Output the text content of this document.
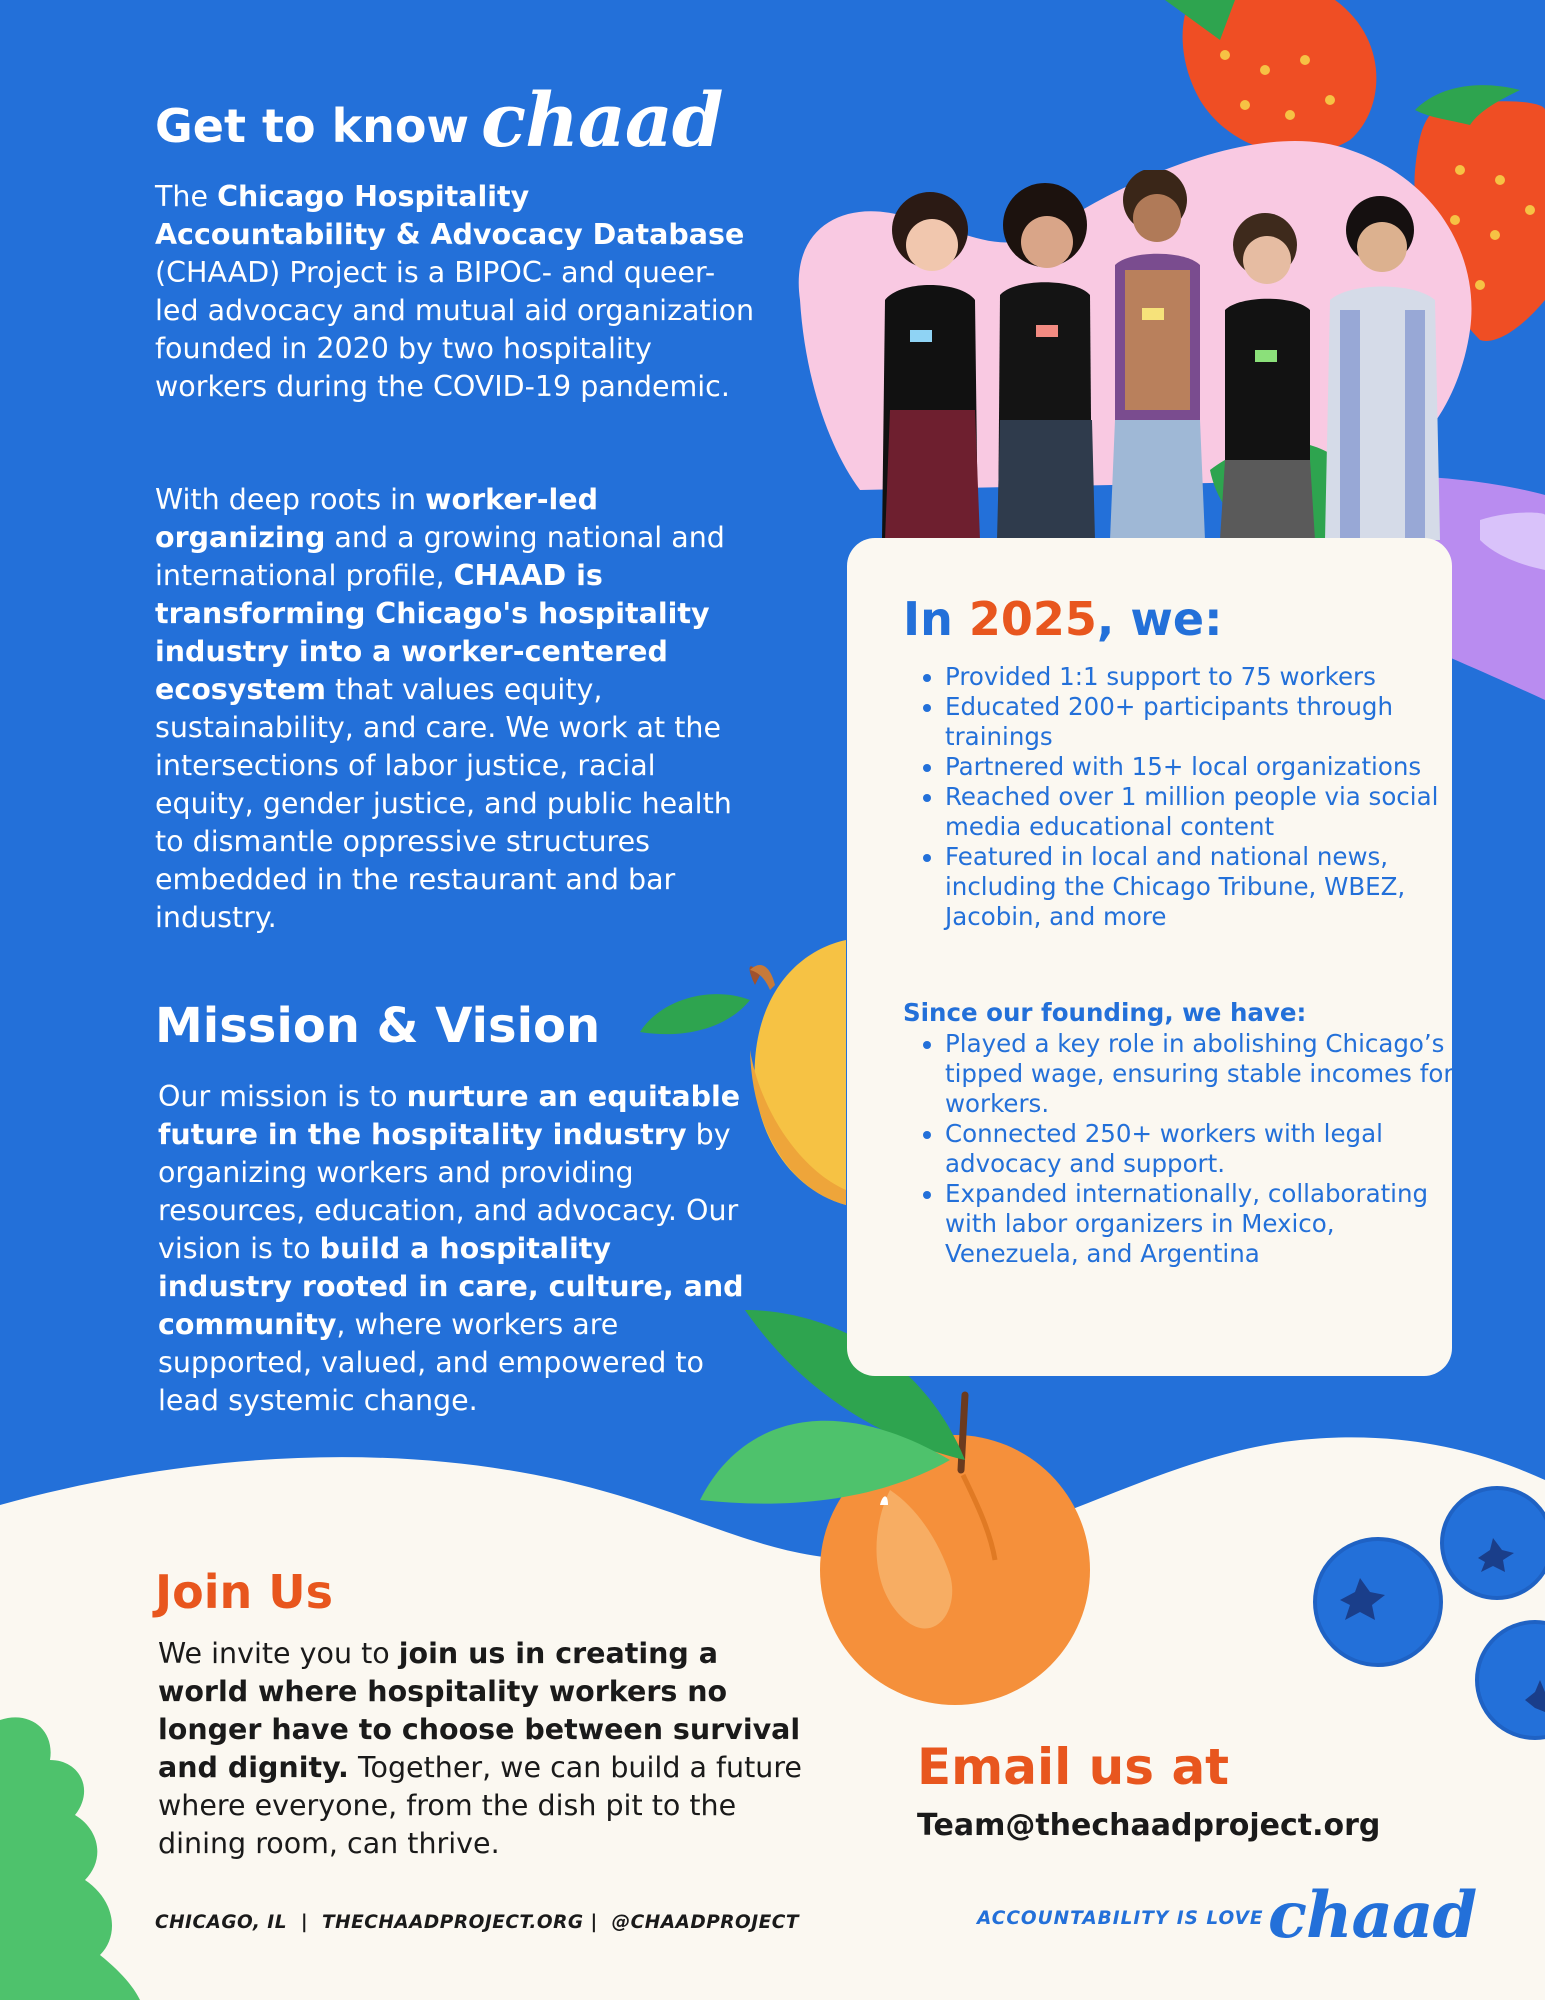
Get to know chaad
The Chicago Hospitality Accountability & Advocacy Database (CHAAD) Project is a BIPOC- and queer-led advocacy and mutual aid organization founded in 2020 by two hospitality workers during the COVID-19 pandemic.
With deep roots in worker-led organizing and a growing national and international profile, CHAAD is transforming Chicago's hospitality industry into a worker-centered ecosystem that values equity, sustainability, and care. We work at the intersections of labor justice, racial equity, gender justice, and public health to dismantle oppressive structures embedded in the restaurant and bar industry.
Mission & Vision
Our mission is to nurture an equitable future in the hospitality industry by organizing workers and providing resources, education, and advocacy. Our vision is to build a hospitality industry rooted in care, culture, and community, where workers are supported, valued, and empowered to lead systemic change.
In 2025, we:
• Provided 1:1 support to 75 workers
• Educated 200+ participants through trainings
• Partnered with 15+ local organizations
• Reached over 1 million people via social media educational content
• Featured in local and national news, including the Chicago Tribune, WBEZ, Jacobin, and more
Since our founding, we have:
• Played a key role in abolishing Chicago’s tipped wage, ensuring stable incomes for workers.
• Connected 250+ workers with legal advocacy and support.
• Expanded internationally, collaborating with labor organizers in Mexico, Venezuela, and Argentina
Join Us
We invite you to join us in creating a world where hospitality workers no longer have to choose between survival and dignity. Together, we can build a future where everyone, from the dish pit to the dining room, can thrive.
Email us at
Team@thechaadproject.org
CHICAGO, IL  |  THECHAADPROJECT.ORG |  @CHAADPROJECT	ACCOUNTABILITY IS LOVE chaad
